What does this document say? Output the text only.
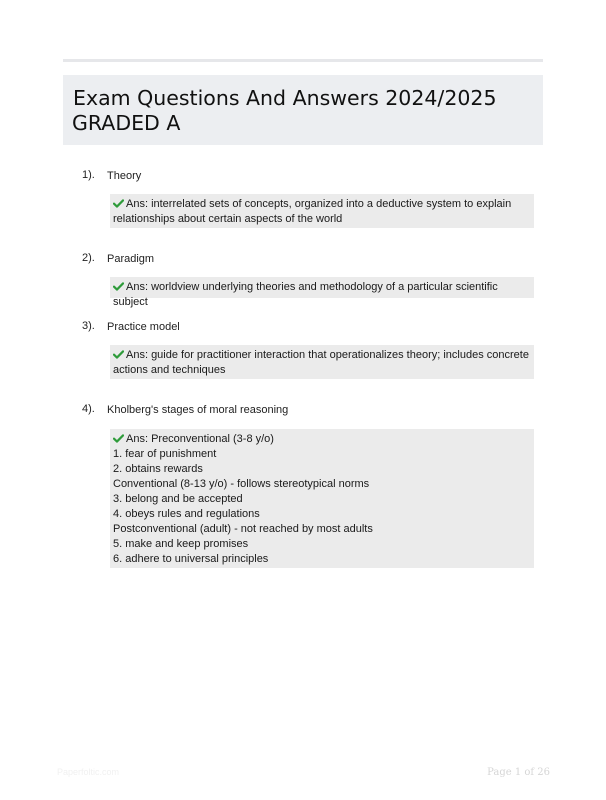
Exam Questions And Answers 2024/2025
GRADED A
1). Theory
Ans: interrelated sets of concepts, organized into a deductive system to explain
relationships about certain aspects of the world
2). Paradigm
Ans: worldview underlying theories and methodology of a particular scientific subject
3). Practice model
Ans: guide for practitioner interaction that operationalizes theory; includes concrete
actions and techniques
4). Kholberg's stages of moral reasoning
Ans: Preconventional (3-8 y/o)
1. fear of punishment
2. obtains rewards
Conventional (8-13 y/o) - follows stereotypical norms
3. belong and be accepted
4. obeys rules and regulations
Postconventional (adult) - not reached by most adults
5. make and keep promises
6. adhere to universal principles
Paperfoltic.com	Page 1 of 26
